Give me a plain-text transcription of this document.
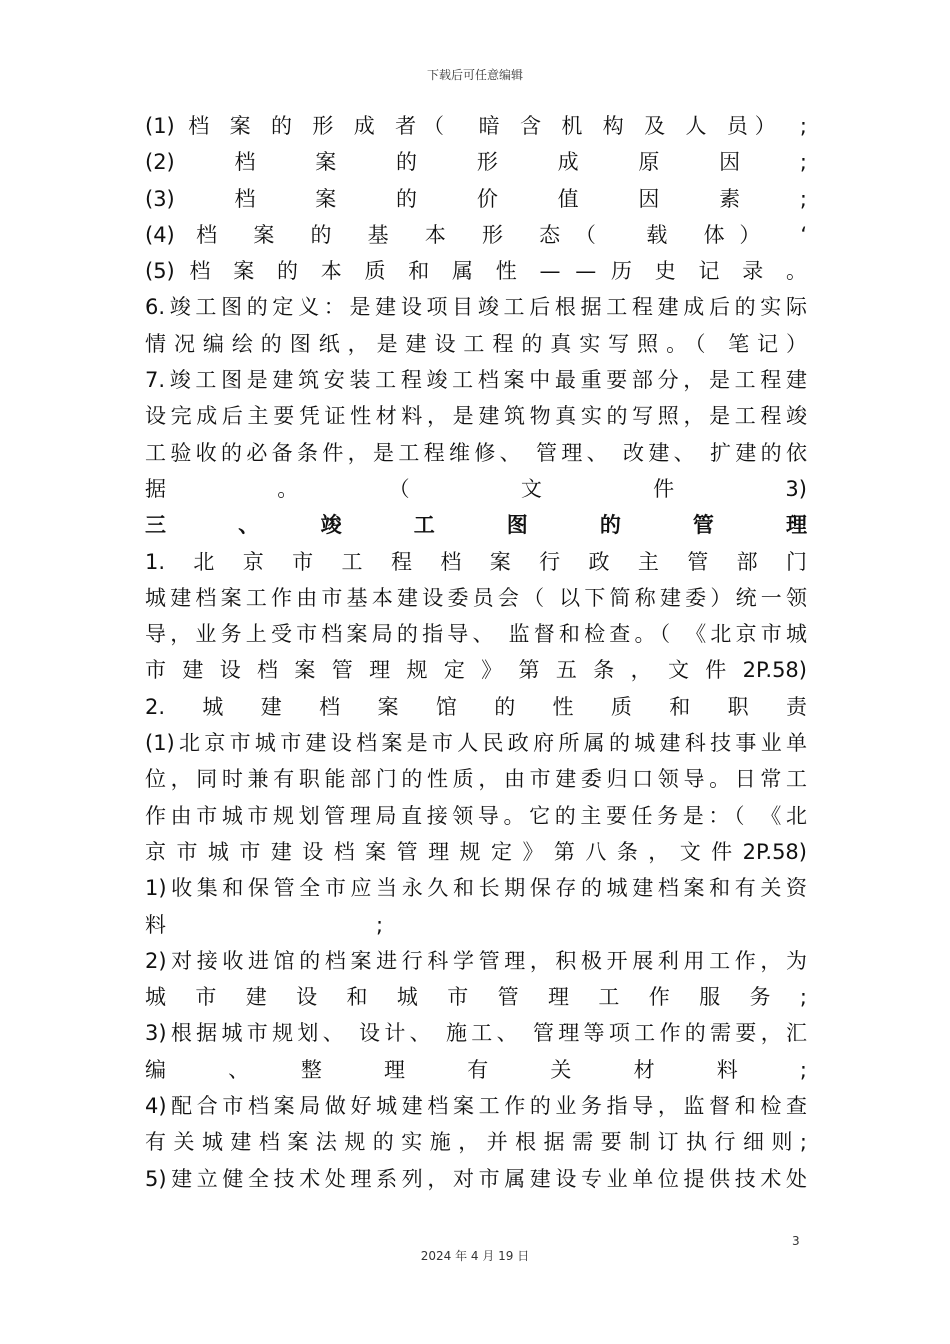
下载后可任意编辑
(1) 档 案 的 形 成 者（　暗 含 机 构 及 人 员）　;
(2)　档　案　的　形　成　原　因　;
(3)　档　案　的　价　值　因　素　;
(4) 档 案 的 基 本 形 态（　载 体）　‘
(5) 档 案 的 本 质 和 属 性 — — 历 史 记 录 。
6.竣工图的定义：是建设项目竣工后根据工程建成后的实际
情况编绘的图纸，是建设工程的真实写照。（ 笔记）
7.竣工图是建筑安装工程竣工档案中最重要部分，是工程建
设完成后主要凭证性材料，是建筑物真实的写照，是工程竣
工验收的必备条件，是工程维修、 管理、 改建、 扩建的依
据　。　（　文　件　3)
三　、　竣　工　图　的　管　理
1.　北　京　市　工　程　档　案　行　政　主　管　部　门
城建档案工作由市基本建设委员会（ 以下简称建委）统一领
导，业务上受市档案局的指导、 监督和检查。（ 《北京市城
市 建 设 档 案 管 理 规 定 》 第 五 条 ， 文 件 2P.58)
2.　城　建　档　案　馆　的　性　质　和　职　责
(1)北京市城市建设档案是市人民政府所属的城建科技事业单
位，同时兼有职能部门的性质，由市建委归口领导。日常工
作由市城市规划管理局直接领导。它的主要任务是：（ 《北
京 市 城 市 建 设 档 案 管 理 规 定 》 第 八 条 ， 文 件 2P.58)
1)收集和保管全市应当永久和长期保存的城建档案和有关资
料　　　　　　　　　　;
2)对接收进馆的档案进行科学管理，积极开展利用工作，为
城　市　建　设　和　城　市　管　理　工　作　服　务　;
3)根据城市规划、 设计、 施工、 管理等项工作的需要，汇
编　、　整　理　有　关　材　料　;
4)配合市档案局做好城建档案工作的业务指导，监督和检查
有关城建档案法规的实施，并根据需要制订执行细则;
5)建立健全技术处理系列，对市属建设专业单位提供技术处
3
2024 年 4 月 19 日
